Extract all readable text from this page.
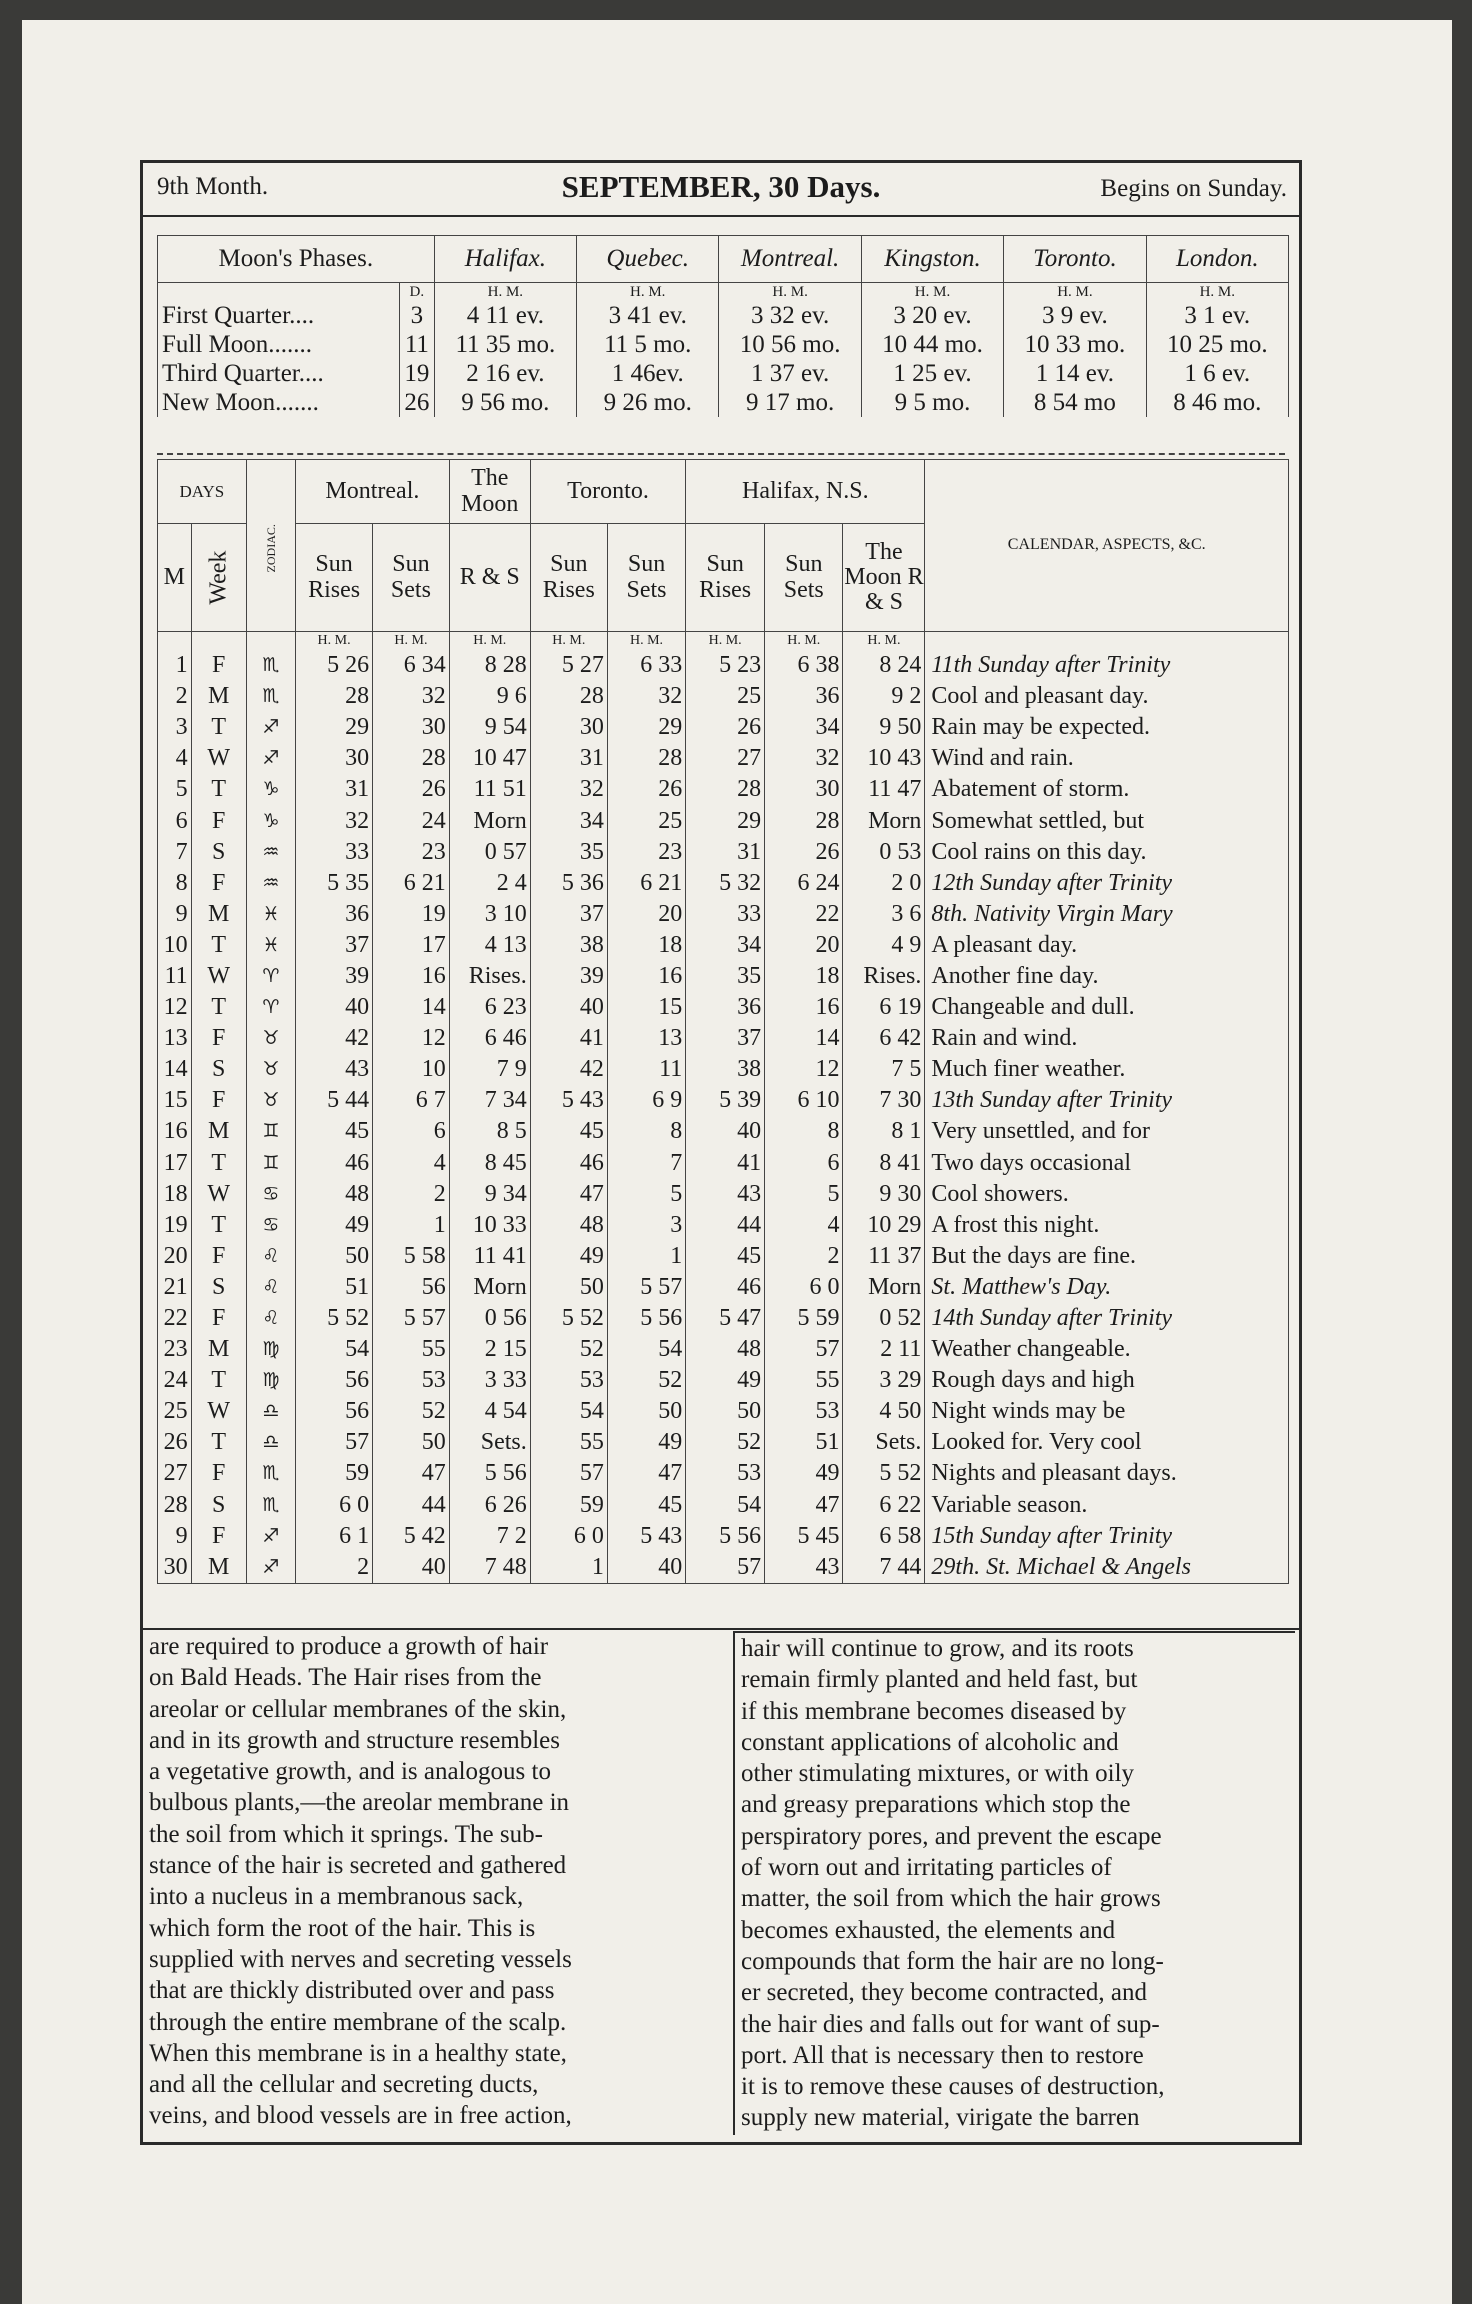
9th Month.	SEPTEMBER, 30 Days.	Begins on Sunday.
Moon's Phases.		Halifax.	Quebec.	Montreal.	Kingston.	Toronto.	London.
	D.	H. M.	H. M.	H. M.	H. M.	H. M.	H. M.
First Quarter....	3	4 11 ev.	3 41 ev.	3 32 ev.	3 20 ev.	3 9 ev.	3 1 ev.
Full Moon.......	11	11 35 mo.	11 5 mo.	10 56 mo.	10 44 mo.	10 33 mo.	10 25 mo.
Third Quarter....	19	2 16 ev.	1 46ev.	1 37 ev.	1 25 ev.	1 14 ev.	1 6 ev.
New Moon.......	26	9 56 mo.	9 26 mo.	9 17 mo.	9 5 mo.	8 54 mo	8 46 mo.
DAYS		ZODIAC.	Montreal.		The Moon	Toronto.		Halifax, N.S.			CALENDAR, ASPECTS, &C.
M	Week		Sun Rises	Sun Sets	R & S	Sun Rises	Sun Sets	Sun Rises	Sun Sets	The Moon R & S	
			H. M.	H. M.	H. M.	H. M.	H. M.	H. M.	H. M.	H. M.	
1	F	♏	5 26	6 34	8 28	5 27	6 33	5 23	6 38	8 24	11th Sunday after Trinity
2	M	♏	28	32	9 6	28	32	25	36	9 2	Cool and pleasant day.
3	T	♐	29	30	9 54	30	29	26	34	9 50	Rain may be expected.
4	W	♐	30	28	10 47	31	28	27	32	10 43	Wind and rain.
5	T	♑	31	26	11 51	32	26	28	30	11 47	Abatement of storm.
6	F	♑	32	24	Morn	34	25	29	28	Morn	Somewhat settled, but
7	S	♒	33	23	0 57	35	23	31	26	0 53	Cool rains on this day.
8	F	♒	5 35	6 21	2 4	5 36	6 21	5 32	6 24	2 0	12th Sunday after Trinity
9	M	♓	36	19	3 10	37	20	33	22	3 6	8th. Nativity Virgin Mary
10	T	♓	37	17	4 13	38	18	34	20	4 9	A pleasant day.
11	W	♈	39	16	Rises.	39	16	35	18	Rises.	Another fine day.
12	T	♈	40	14	6 23	40	15	36	16	6 19	Changeable and dull.
13	F	♉	42	12	6 46	41	13	37	14	6 42	Rain and wind.
14	S	♉	43	10	7 9	42	11	38	12	7 5	Much finer weather.
15	F	♉	5 44	6 7	7 34	5 43	6 9	5 39	6 10	7 30	13th Sunday after Trinity
16	M	♊	45	6	8 5	45	8	40	8	8 1	Very unsettled, and for
17	T	♊	46	4	8 45	46	7	41	6	8 41	Two days occasional
18	W	♋	48	2	9 34	47	5	43	5	9 30	Cool showers.
19	T	♋	49	1	10 33	48	3	44	4	10 29	A frost this night.
20	F	♌	50	5 58	11 41	49	1	45	2	11 37	But the days are fine.
21	S	♌	51	56	Morn	50	5 57	46	6 0	Morn	St. Matthew's Day.
22	F	♌	5 52	5 57	0 56	5 52	5 56	5 47	5 59	0 52	14th Sunday after Trinity
23	M	♍	54	55	2 15	52	54	48	57	2 11	Weather changeable.
24	T	♍	56	53	3 33	53	52	49	55	3 29	Rough days and high
25	W	♎	56	52	4 54	54	50	50	53	4 50	Night winds may be
26	T	♎	57	50	Sets.	55	49	52	51	Sets.	Looked for. Very cool
27	F	♏	59	47	5 56	57	47	53	49	5 52	Nights and pleasant days.
28	S	♏	6 0	44	6 26	59	45	54	47	6 22	Variable season.
9	F	♐	6 1	5 42	7 2	6 0	5 43	5 56	5 45	6 58	15th Sunday after Trinity
30	M	♐	2	40	7 48	1	40	57	43	7 44	29th. St. Michael & Angels
are required to produce a growth of hair
on Bald Heads. The Hair rises from the
areolar or cellular membranes of the skin,
and in its growth and structure resembles
a vegetative growth, and is analogous to
bulbous plants,—the areolar membrane in
the soil from which it springs. The sub-
stance of the hair is secreted and gathered
into a nucleus in a membranous sack,
which form the root of the hair. This is
supplied with nerves and secreting vessels
that are thickly distributed over and pass
through the entire membrane of the scalp.
When this membrane is in a healthy state,
and all the cellular and secreting ducts,
veins, and blood vessels are in free action,
hair will continue to grow, and its roots
remain firmly planted and held fast, but
if this membrane becomes diseased by
constant applications of alcoholic and
other stimulating mixtures, or with oily
and greasy preparations which stop the
perspiratory pores, and prevent the escape
of worn out and irritating particles of
matter, the soil from which the hair grows
becomes exhausted, the elements and
compounds that form the hair are no long-
er secreted, they become contracted, and
the hair dies and falls out for want of sup-
port. All that is necessary then to restore
it is to remove these causes of destruction,
supply new material, virigate the barren
